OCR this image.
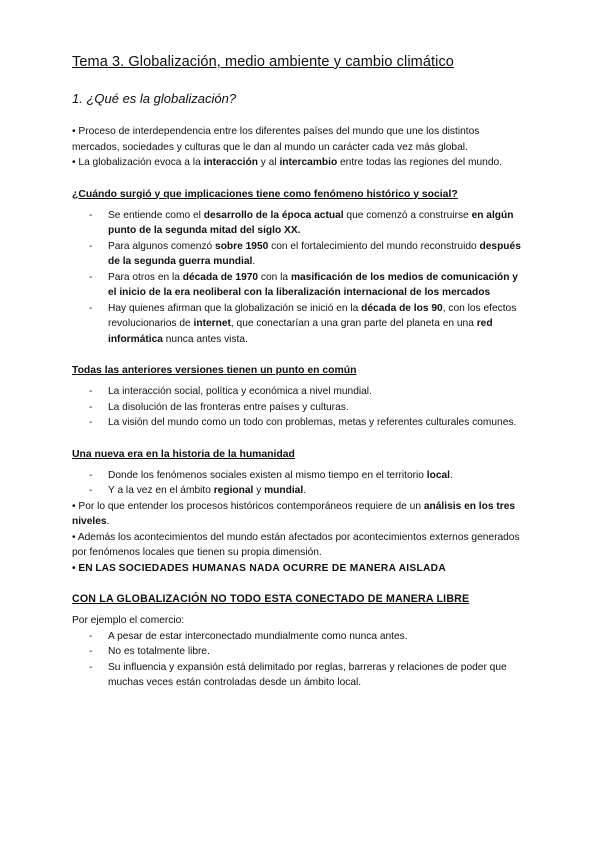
Tema 3. Globalización, medio ambiente y cambio climático
1. ¿Qué es la globalización?

• Proceso de interdependencia entre los diferentes países del mundo que une los distintos mercados, sociedades y culturas que le dan al mundo un carácter cada vez más global.

• La globalización evoca a la interacción y al intercambio entre todas las regiones del mundo.

¿Cuándo surgió y que implicaciones tiene como fenómeno histórico y social?
- Se entiende como el desarrollo de la época actual que comenzó a construirse en algún punto de la segunda mitad del siglo XX.
- Para algunos comenzó sobre 1950 con el fortalecimiento del mundo reconstruido después de la segunda guerra mundial.
- Para otros en la década de 1970 con la masificación de los medios de comunicación y el inicio de la era neoliberal con la liberalización internacional de los mercados
- Hay quienes afirman que la globalización se inició en la década de los 90, con los efectos revolucionarios de internet, que conectarían a una gran parte del planeta en una red informática nunca antes vista.
Todas las anteriores versiones tienen un punto en común
- La interacción social, política y económica a nivel mundial.
- La disolución de las fronteras entre países y culturas.
- La visión del mundo como un todo con problemas, metas y referentes culturales comunes.
Una nueva era en la historia de la humanidad
- Donde los fenómenos sociales existen al mismo tiempo en el territorio local.
- Y a la vez en el ámbito regional y mundial.

• Por lo que entender los procesos históricos contemporáneos requiere de un análisis en los tres niveles.

• Además los acontecimientos del mundo están afectados por acontecimientos externos generados por fenómenos locales que tienen su propia dimensión.

• EN LAS SOCIEDADES HUMANAS NADA OCURRE DE MANERA AISLADA

CON LA GLOBALIZACIÓN NO TODO ESTA CONECTADO DE MANERA LIBRE

Por ejemplo el comercio:

- A pesar de estar interconectado mundialmente como nunca antes.
- No es totalmente libre.
- Su influencia y expansión está delimitado por reglas, barreras y relaciones de poder que muchas veces están controladas desde un ámbito local.
